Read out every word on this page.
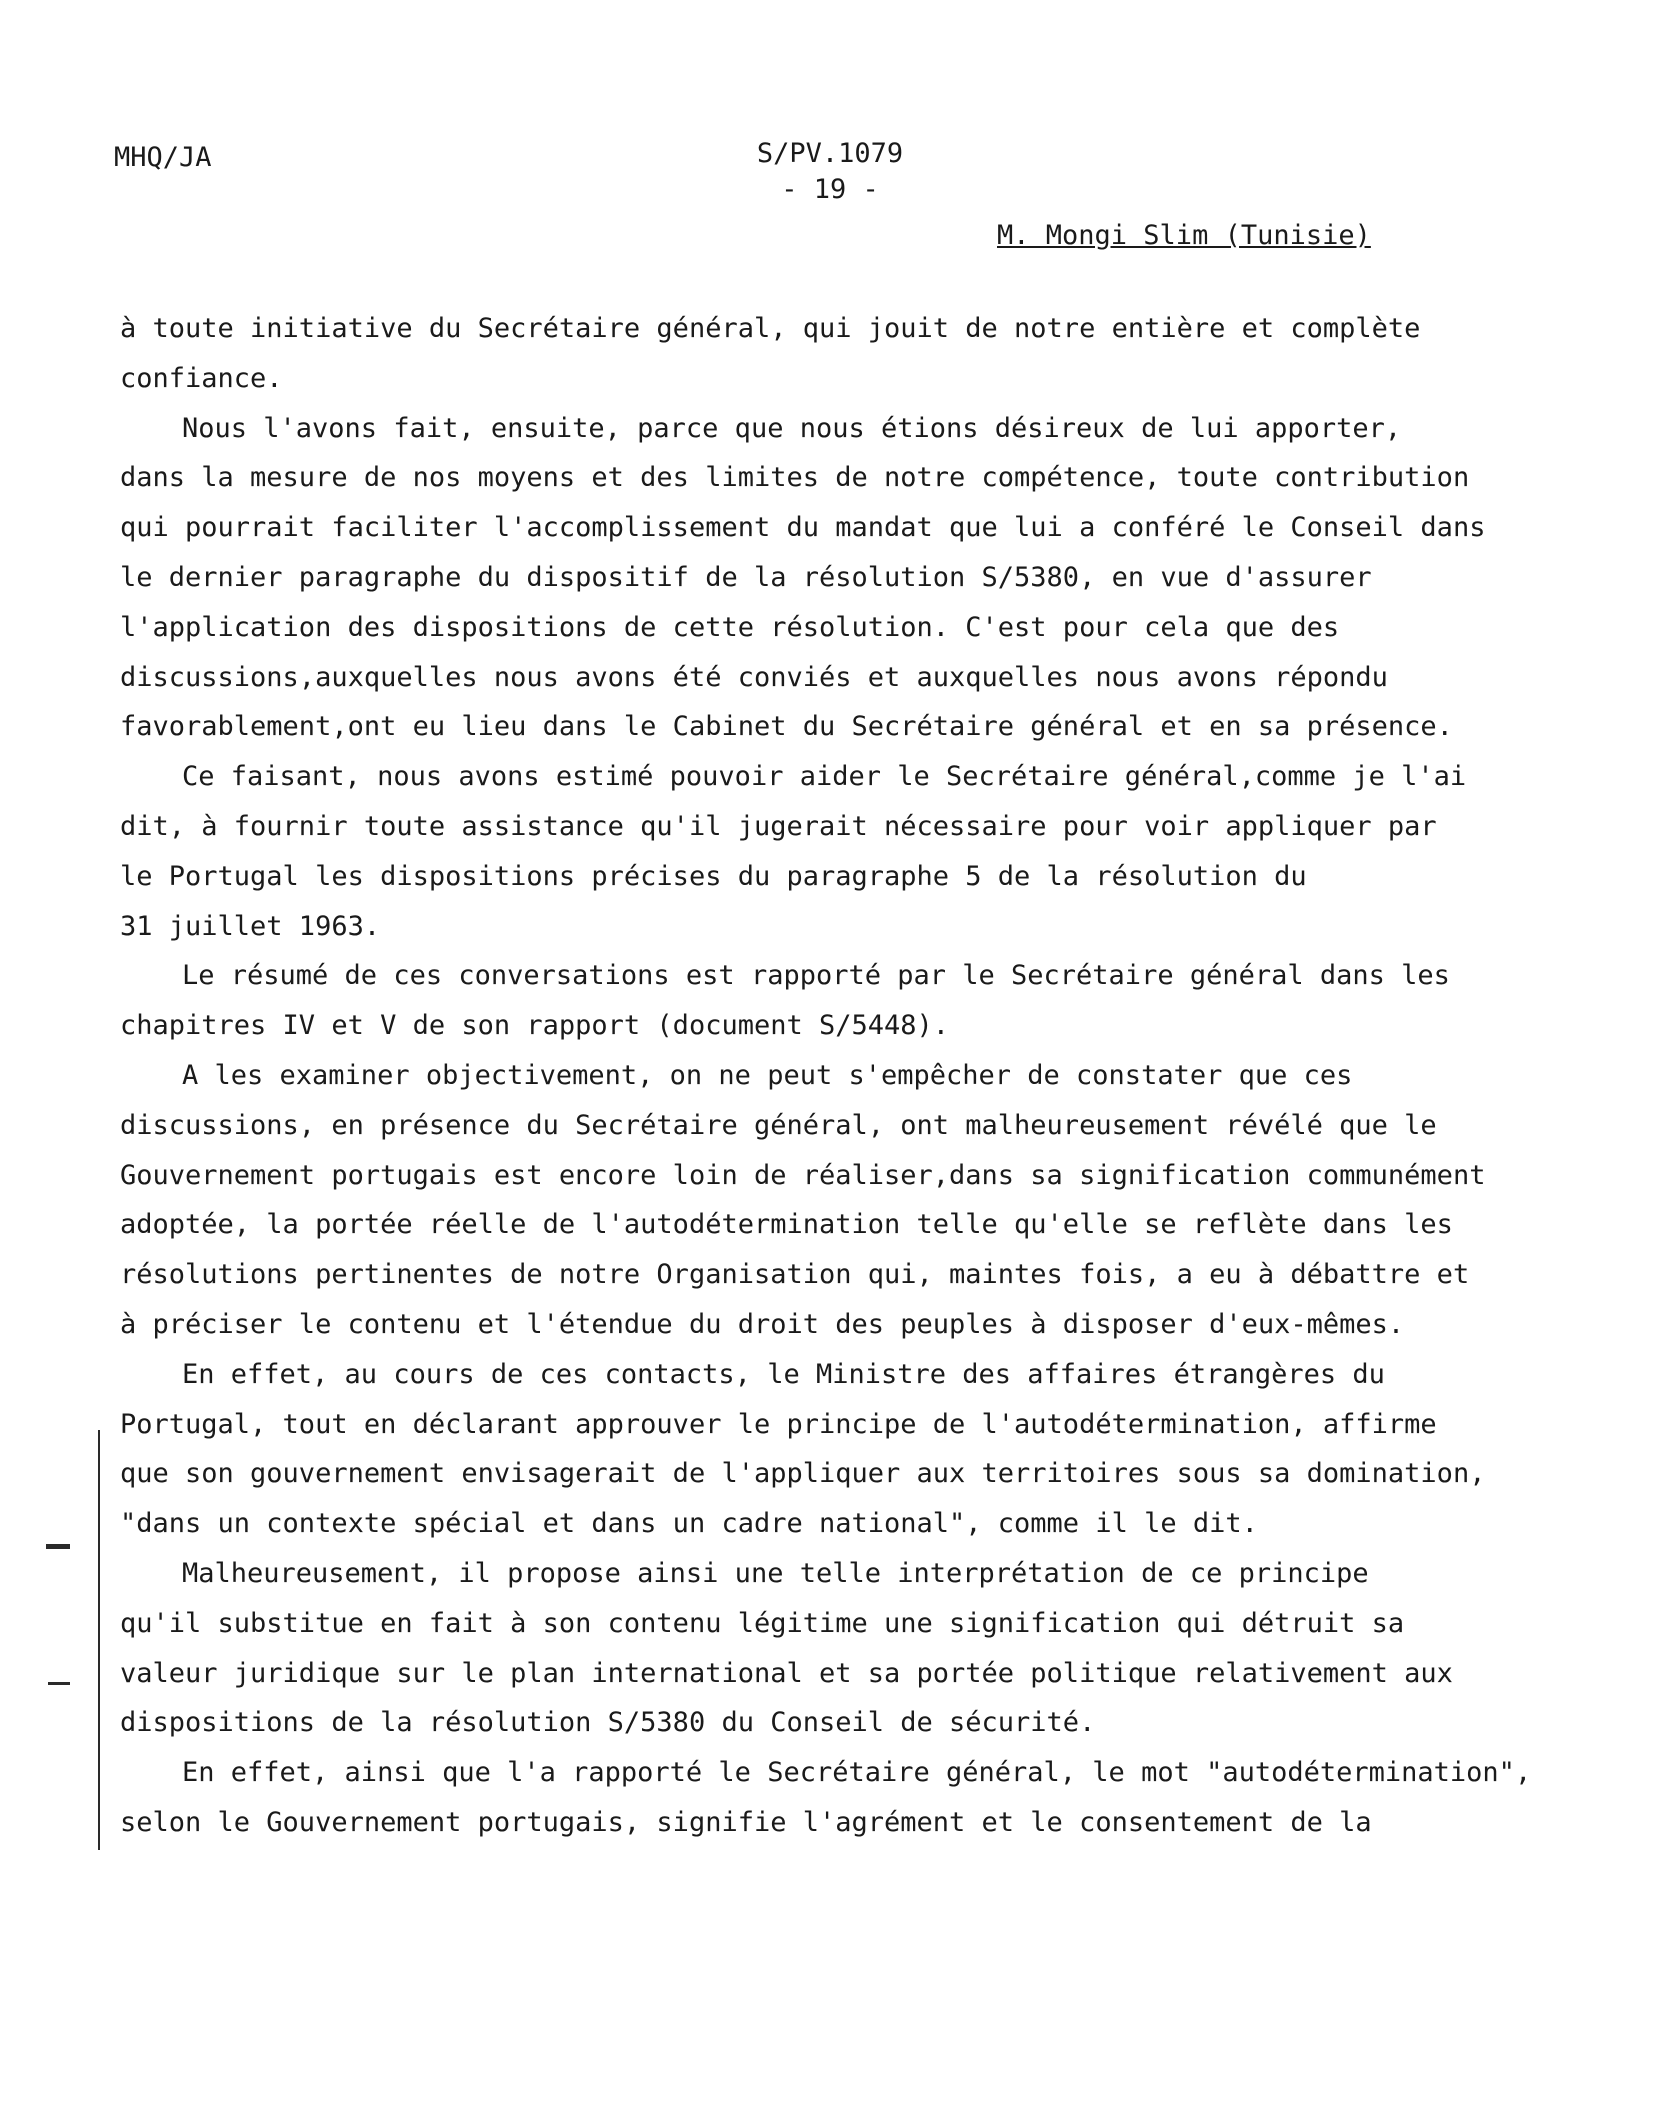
MHQ/JA	S/PV.1079
- 19 -
M. Mongi Slim (Tunisie)
à toute initiative du Secrétaire général, qui jouit de notre entière et complète
confiance.
Nous l'avons fait, ensuite, parce que nous étions désireux de lui apporter,
dans la mesure de nos moyens et des limites de notre compétence, toute contribution
qui pourrait faciliter l'accomplissement du mandat que lui a conféré le Conseil dans
le dernier paragraphe du dispositif de la résolution S/5380, en vue d'assurer
l'application des dispositions de cette résolution. C'est pour cela que des
discussions,auxquelles nous avons été conviés et auxquelles nous avons répondu
favorablement,ont eu lieu dans le Cabinet du Secrétaire général et en sa présence.
Ce faisant, nous avons estimé pouvoir aider le Secrétaire général,comme je l'ai
dit, à fournir toute assistance qu'il jugerait nécessaire pour voir appliquer par
le Portugal les dispositions précises du paragraphe 5 de la résolution du
31 juillet 1963.
Le résumé de ces conversations est rapporté par le Secrétaire général dans les
chapitres IV et V de son rapport (document S/5448).
A les examiner objectivement, on ne peut s'empêcher de constater que ces
discussions, en présence du Secrétaire général, ont malheureusement révélé que le
Gouvernement portugais est encore loin de réaliser,dans sa signification communément
adoptée, la portée réelle de l'autodétermination telle qu'elle se reflète dans les
résolutions pertinentes de notre Organisation qui, maintes fois, a eu à débattre et
à préciser le contenu et l'étendue du droit des peuples à disposer d'eux-mêmes.
En effet, au cours de ces contacts, le Ministre des affaires étrangères du
Portugal, tout en déclarant approuver le principe de l'autodétermination, affirme
que son gouvernement envisagerait de l'appliquer aux territoires sous sa domination,
"dans un contexte spécial et dans un cadre national", comme il le dit.
Malheureusement, il propose ainsi une telle interprétation de ce principe
qu'il substitue en fait à son contenu légitime une signification qui détruit sa
valeur juridique sur le plan international et sa portée politique relativement aux
dispositions de la résolution S/5380 du Conseil de sécurité.
En effet, ainsi que l'a rapporté le Secrétaire général, le mot "autodétermination",
selon le Gouvernement portugais, signifie l'agrément et le consentement de la
